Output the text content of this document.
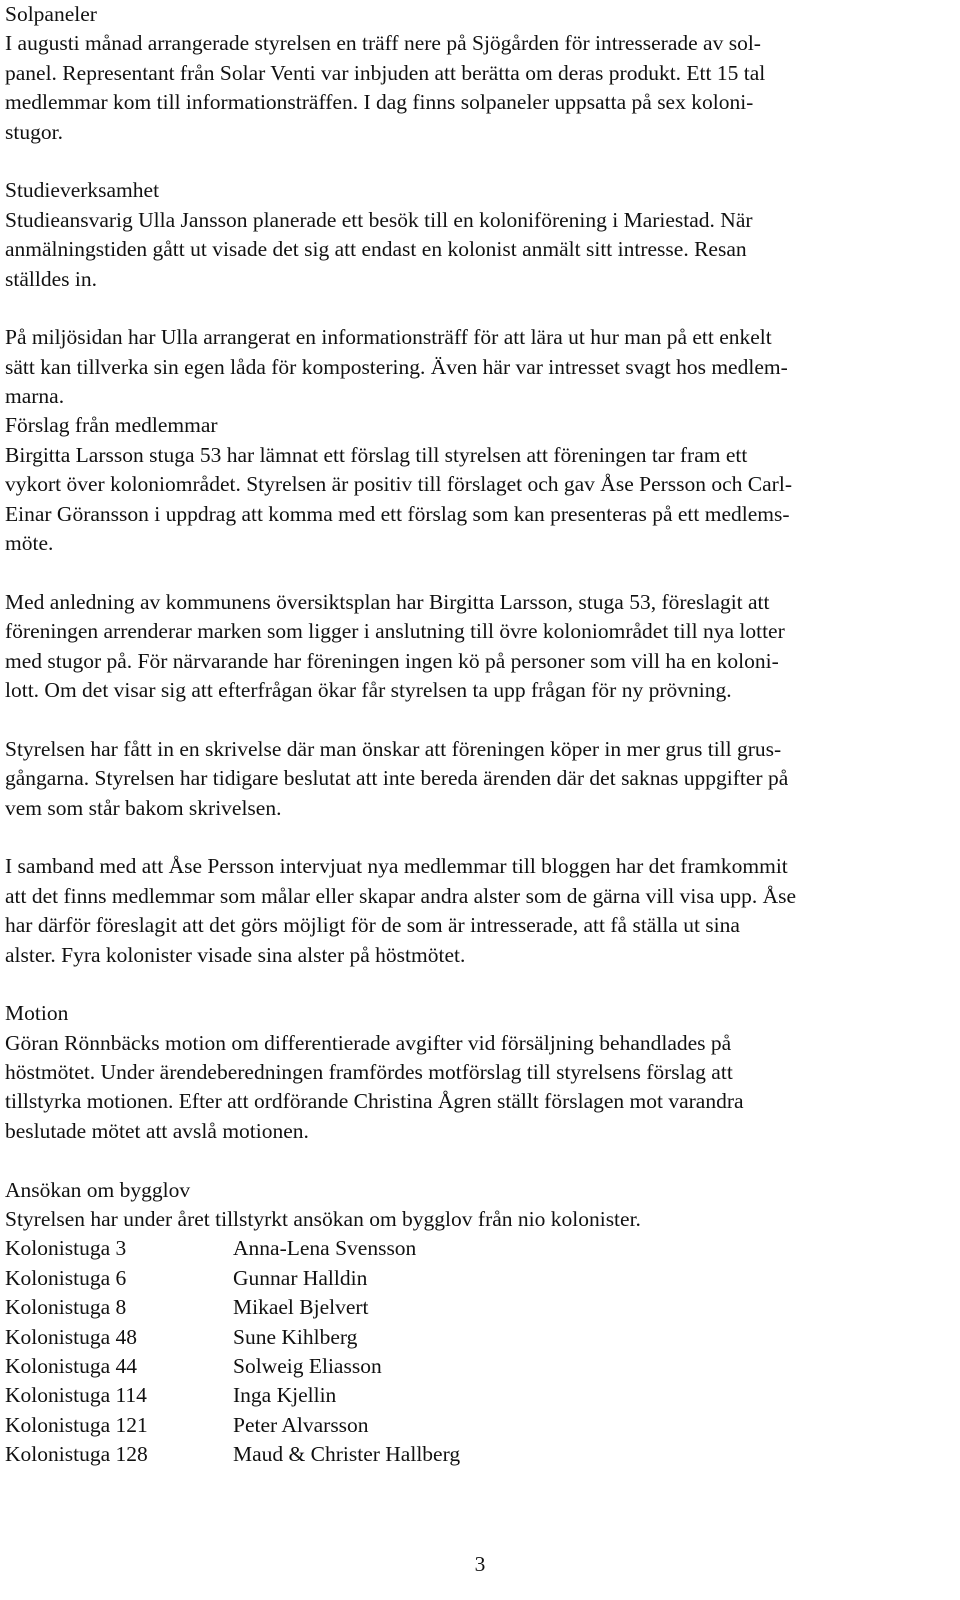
Solpaneler
I augusti månad arrangerade styrelsen en träff nere på Sjögården för intresserade av sol-
panel. Representant från Solar Venti var inbjuden att berätta om deras produkt. Ett 15 tal
medlemmar kom till informationsträffen. I dag finns solpaneler uppsatta på sex koloni-
stugor.
Studieverksamhet
Studieansvarig Ulla Jansson planerade ett besök till en koloniförening i Mariestad. När
anmälningstiden gått ut visade det sig att endast en kolonist anmält sitt intresse. Resan
ställdes in.
På miljösidan har Ulla arrangerat en informationsträff för att lära ut hur man på ett enkelt
sätt kan tillverka sin egen låda för kompostering. Även här var intresset svagt hos medlem-
marna.
Förslag från medlemmar
Birgitta Larsson stuga 53 har lämnat ett förslag till styrelsen att föreningen tar fram ett
vykort över koloniområdet. Styrelsen är positiv till förslaget och gav Åse Persson och Carl-
Einar Göransson i uppdrag att komma med ett förslag som kan presenteras på ett medlems-
möte.
Med anledning av kommunens översiktsplan har Birgitta Larsson, stuga 53, föreslagit att
föreningen arrenderar marken som ligger i anslutning till övre koloniområdet till nya lotter
med stugor på. För närvarande har föreningen ingen kö på personer som vill ha en koloni-
lott. Om det visar sig att efterfrågan ökar får styrelsen ta upp frågan för ny prövning.
Styrelsen har fått in en skrivelse där man önskar att föreningen köper in mer grus till grus-
gångarna. Styrelsen har tidigare beslutat att inte bereda ärenden där det saknas uppgifter på
vem som står bakom skrivelsen.
I samband med att Åse Persson intervjuat nya medlemmar till bloggen har det framkommit
att det finns medlemmar som målar eller skapar andra alster som de gärna vill visa upp. Åse
har därför föreslagit att det görs möjligt för de som är intresserade, att få ställa ut sina
alster. Fyra kolonister visade sina alster på höstmötet.
Motion
Göran Rönnbäcks motion om differentierade avgifter vid försäljning behandlades på
höstmötet. Under ärendeberedningen framfördes motförslag till styrelsens förslag att
tillstyrka motionen. Efter att ordförande Christina Ågren ställt förslagen mot varandra
beslutade mötet att avslå motionen.
Ansökan om bygglov
Styrelsen har under året tillstyrkt ansökan om bygglov från nio kolonister.
Kolonistuga 3	Anna-Lena Svensson
Kolonistuga 6	Gunnar Halldin
Kolonistuga 8	Mikael Bjelvert
Kolonistuga 48	Sune Kihlberg
Kolonistuga 44	Solweig Eliasson
Kolonistuga 114	Inga Kjellin
Kolonistuga 121	Peter Alvarsson
Kolonistuga 128	Maud & Christer Hallberg
3
